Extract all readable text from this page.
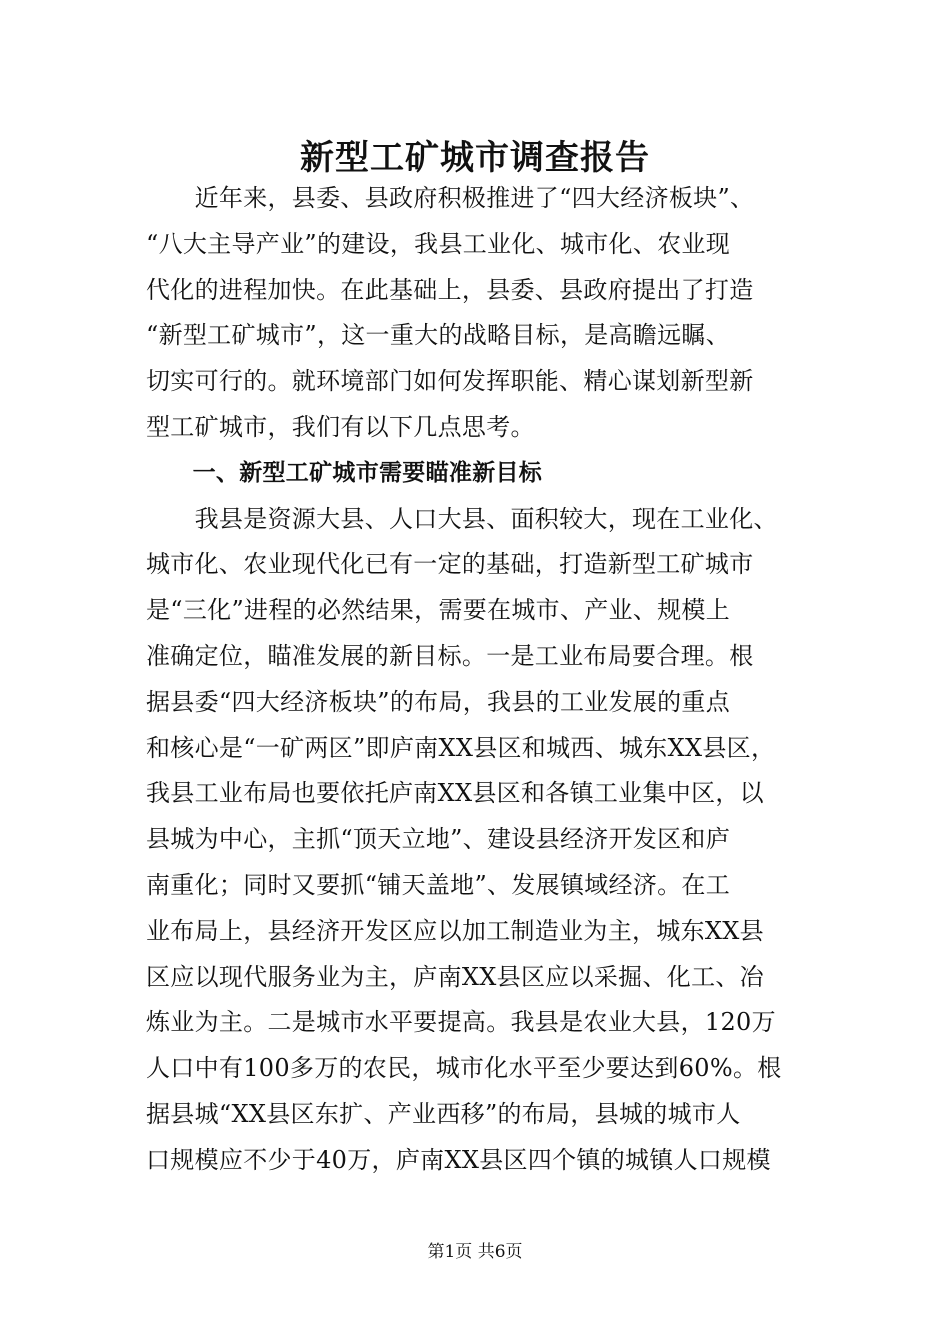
新型工矿城市调查报告
　　近年来，县委、县政府积极推进了“四大经济板块”、
“八大主导产业”的建设，我县工业化、城市化、农业现
代化的进程加快。在此基础上，县委、县政府提出了打造
“新型工矿城市”，这一重大的战略目标，是高瞻远瞩、
切实可行的。就环境部门如何发挥职能、精心谋划新型新
型工矿城市，我们有以下几点思考。
　　一、新型工矿城市需要瞄准新目标
　　我县是资源大县、人口大县、面积较大，现在工业化、
城市化、农业现代化已有一定的基础，打造新型工矿城市
是“三化”进程的必然结果，需要在城市、产业、规模上
准确定位，瞄准发展的新目标。一是工业布局要合理。根
据县委“四大经济板块”的布局，我县的工业发展的重点
和核心是“一矿两区”即庐南XX县区和城西、城东XX县区，
我县工业布局也要依托庐南XX县区和各镇工业集中区，以
县城为中心，主抓“顶天立地”、建设县经济开发区和庐
南重化；同时又要抓“铺天盖地”、发展镇域经济。在工
业布局上，县经济开发区应以加工制造业为主，城东XX县
区应以现代服务业为主，庐南XX县区应以采掘、化工、冶
炼业为主。二是城市水平要提高。我县是农业大县，120万
人口中有100多万的农民，城市化水平至少要达到60%。根
据县城“XX县区东扩、产业西移”的布局，县城的城市人
口规模应不少于40万，庐南XX县区四个镇的城镇人口规模
第1页 共6页
